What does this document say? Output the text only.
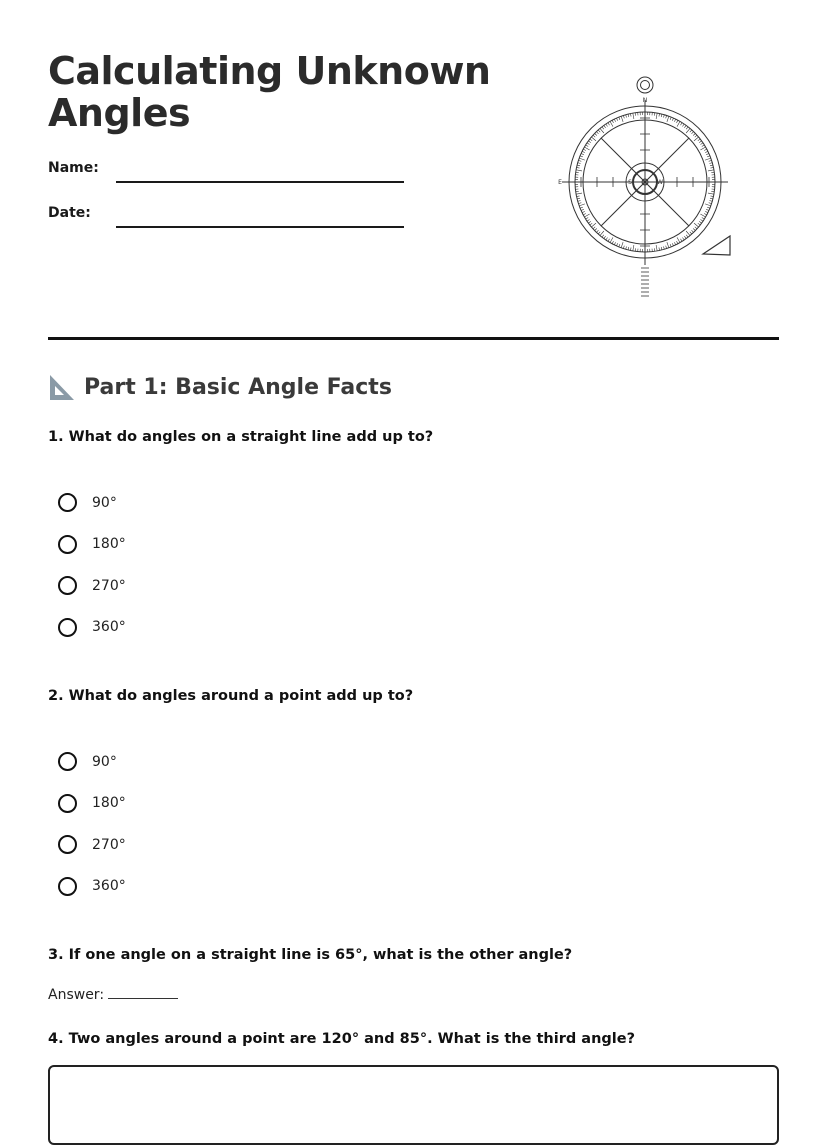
Calculating Unknown Angles
Name:
Date:
N
E	S	W
Part 1: Basic Angle Facts
1. What do angles on a straight line add up to?
90°
180°
270°
360°
2. What do angles around a point add up to?
90°
180°
270°
360°
3. If one angle on a straight line is 65°, what is the other angle?
Answer:
4. Two angles around a point are 120° and 85°. What is the third angle?
